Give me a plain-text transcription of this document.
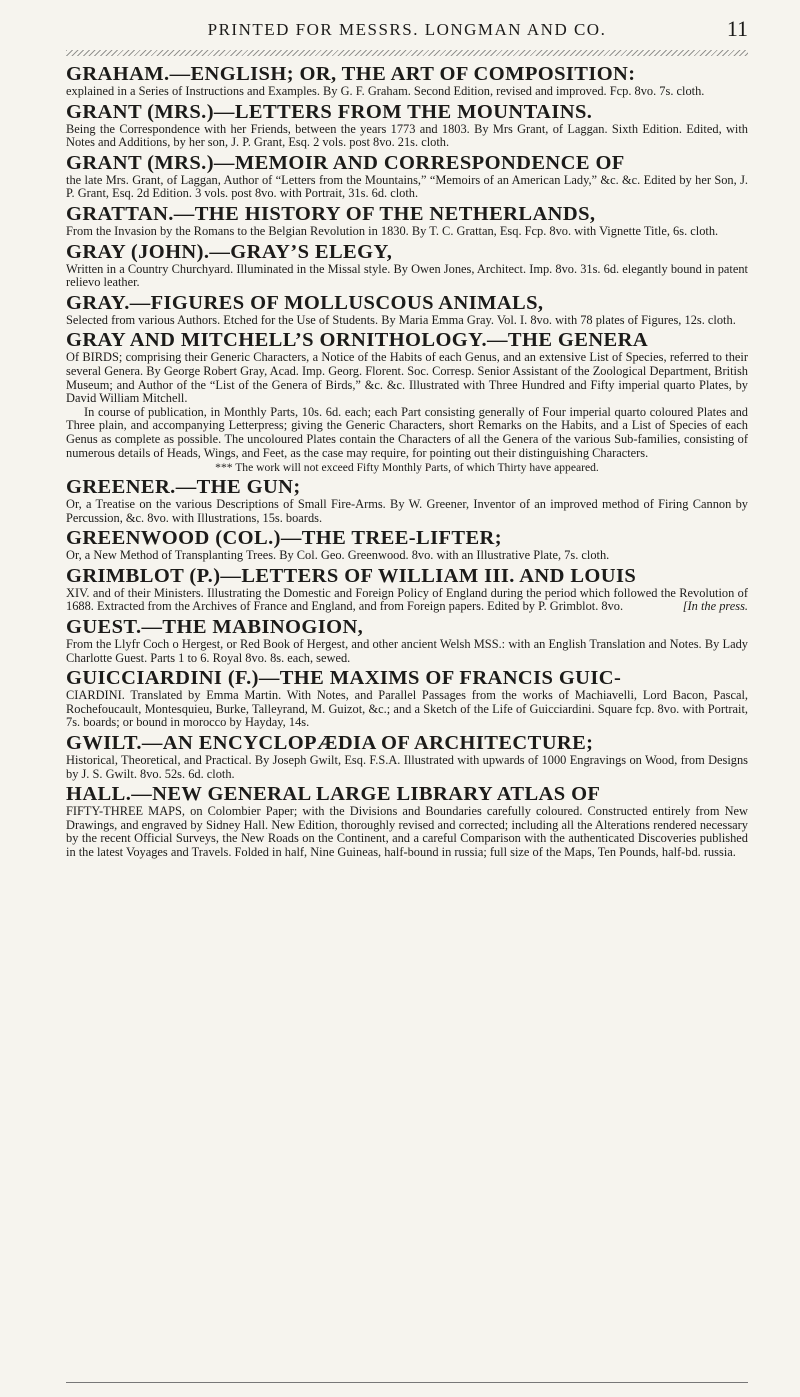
PRINTED FOR MESSRS. LONGMAN AND CO.	11
GRAHAM.—ENGLISH; OR, THE ART OF COMPOSITION:

explained in a Series of Instructions and Examples. By G. F. Graham. Second Edition, revised and improved. Fcp. 8vo. 7s. cloth.

GRANT (MRS.)—LETTERS FROM THE MOUNTAINS.

Being the Correspondence with her Friends, between the years 1773 and 1803. By Mrs Grant, of Laggan. Sixth Edition. Edited, with Notes and Additions, by her son, J. P. Grant, Esq. 2 vols. post 8vo. 21s. cloth.

GRANT (MRS.)—MEMOIR AND CORRESPONDENCE OF

the late Mrs. Grant, of Laggan, Author of “Letters from the Mountains,” “Memoirs of an American Lady,” &c. &c. Edited by her Son, J. P. Grant, Esq. 2d Edition. 3 vols. post 8vo. with Portrait, 31s. 6d. cloth.

GRATTAN.—THE HISTORY OF THE NETHERLANDS,

From the Invasion by the Romans to the Belgian Revolution in 1830. By T. C. Grattan, Esq. Fcp. 8vo. with Vignette Title, 6s. cloth.

GRAY (JOHN).—GRAY’S ELEGY,

Written in a Country Churchyard. Illuminated in the Missal style. By Owen Jones, Architect. Imp. 8vo. 31s. 6d. elegantly bound in patent relievo leather.

GRAY.—FIGURES OF MOLLUSCOUS ANIMALS,

Selected from various Authors. Etched for the Use of Students. By Maria Emma Gray. Vol. I. 8vo. with 78 plates of Figures, 12s. cloth.

GRAY AND MITCHELL’S ORNITHOLOGY.—THE GENERA

Of BIRDS; comprising their Generic Characters, a Notice of the Habits of each Genus, and an extensive List of Species, referred to their several Genera. By George Robert Gray, Acad. Imp. Georg. Florent. Soc. Corresp. Senior Assistant of the Zoological Department, British Museum; and Author of the “List of the Genera of Birds,” &c. &c. Illustrated with Three Hundred and Fifty imperial quarto Plates, by David William Mitchell.

In course of publication, in Monthly Parts, 10s. 6d. each; each Part consisting generally of Four imperial quarto coloured Plates and Three plain, and accompanying Letterpress; giving the Generic Characters, short Remarks on the Habits, and a List of Species of each Genus as complete as possible. The uncoloured Plates contain the Characters of all the Genera of the various Sub-families, consisting of numerous details of Heads, Wings, and Feet, as the case may require, for pointing out their distinguishing Characters.

*** The work will not exceed Fifty Monthly Parts, of which Thirty have appeared.

GREENER.—THE GUN;

Or, a Treatise on the various Descriptions of Small Fire-Arms. By W. Greener, Inventor of an improved method of Firing Cannon by Percussion, &c. 8vo. with Illustrations, 15s. boards.

GREENWOOD (COL.)—THE TREE-LIFTER;

Or, a New Method of Transplanting Trees. By Col. Geo. Greenwood. 8vo. with an Illustrative Plate, 7s. cloth.

GRIMBLOT (P.)—LETTERS OF WILLIAM III. AND LOUIS

XIV. and of their Ministers. Illustrating the Domestic and Foreign Policy of England during the period which followed the Revolution of 1688. Extracted from the Archives of France and England, and from Foreign papers. Edited by P. Grimblot. 8vo.	[In the press.

GUEST.—THE MABINOGION,

From the Llyfr Coch o Hergest, or Red Book of Hergest, and other ancient Welsh MSS.: with an English Translation and Notes. By Lady Charlotte Guest. Parts 1 to 6. Royal 8vo. 8s. each, sewed.

GUICCIARDINI (F.)—THE MAXIMS OF FRANCIS GUIC-

CIARDINI. Translated by Emma Martin. With Notes, and Parallel Passages from the works of Machiavelli, Lord Bacon, Pascal, Rochefoucault, Montesquieu, Burke, Talleyrand, M. Guizot, &c.; and a Sketch of the Life of Guicciardini. Square fcp. 8vo. with Portrait, 7s. boards; or bound in morocco by Hayday, 14s.

GWILT.—AN ENCYCLOPÆDIA OF ARCHITECTURE;

Historical, Theoretical, and Practical. By Joseph Gwilt, Esq. F.S.A. Illustrated with upwards of 1000 Engravings on Wood, from Designs by J. S. Gwilt. 8vo. 52s. 6d. cloth.

HALL.—NEW GENERAL LARGE LIBRARY ATLAS OF

FIFTY-THREE MAPS, on Colombier Paper; with the Divisions and Boundaries carefully coloured. Constructed entirely from New Drawings, and engraved by Sidney Hall. New Edition, thoroughly revised and corrected; including all the Alterations rendered necessary by the recent Official Surveys, the New Roads on the Continent, and a careful Comparison with the authenticated Discoveries published in the latest Voyages and Travels. Folded in half, Nine Guineas, half-bound in russia; full size of the Maps, Ten Pounds, half-bd. russia.
